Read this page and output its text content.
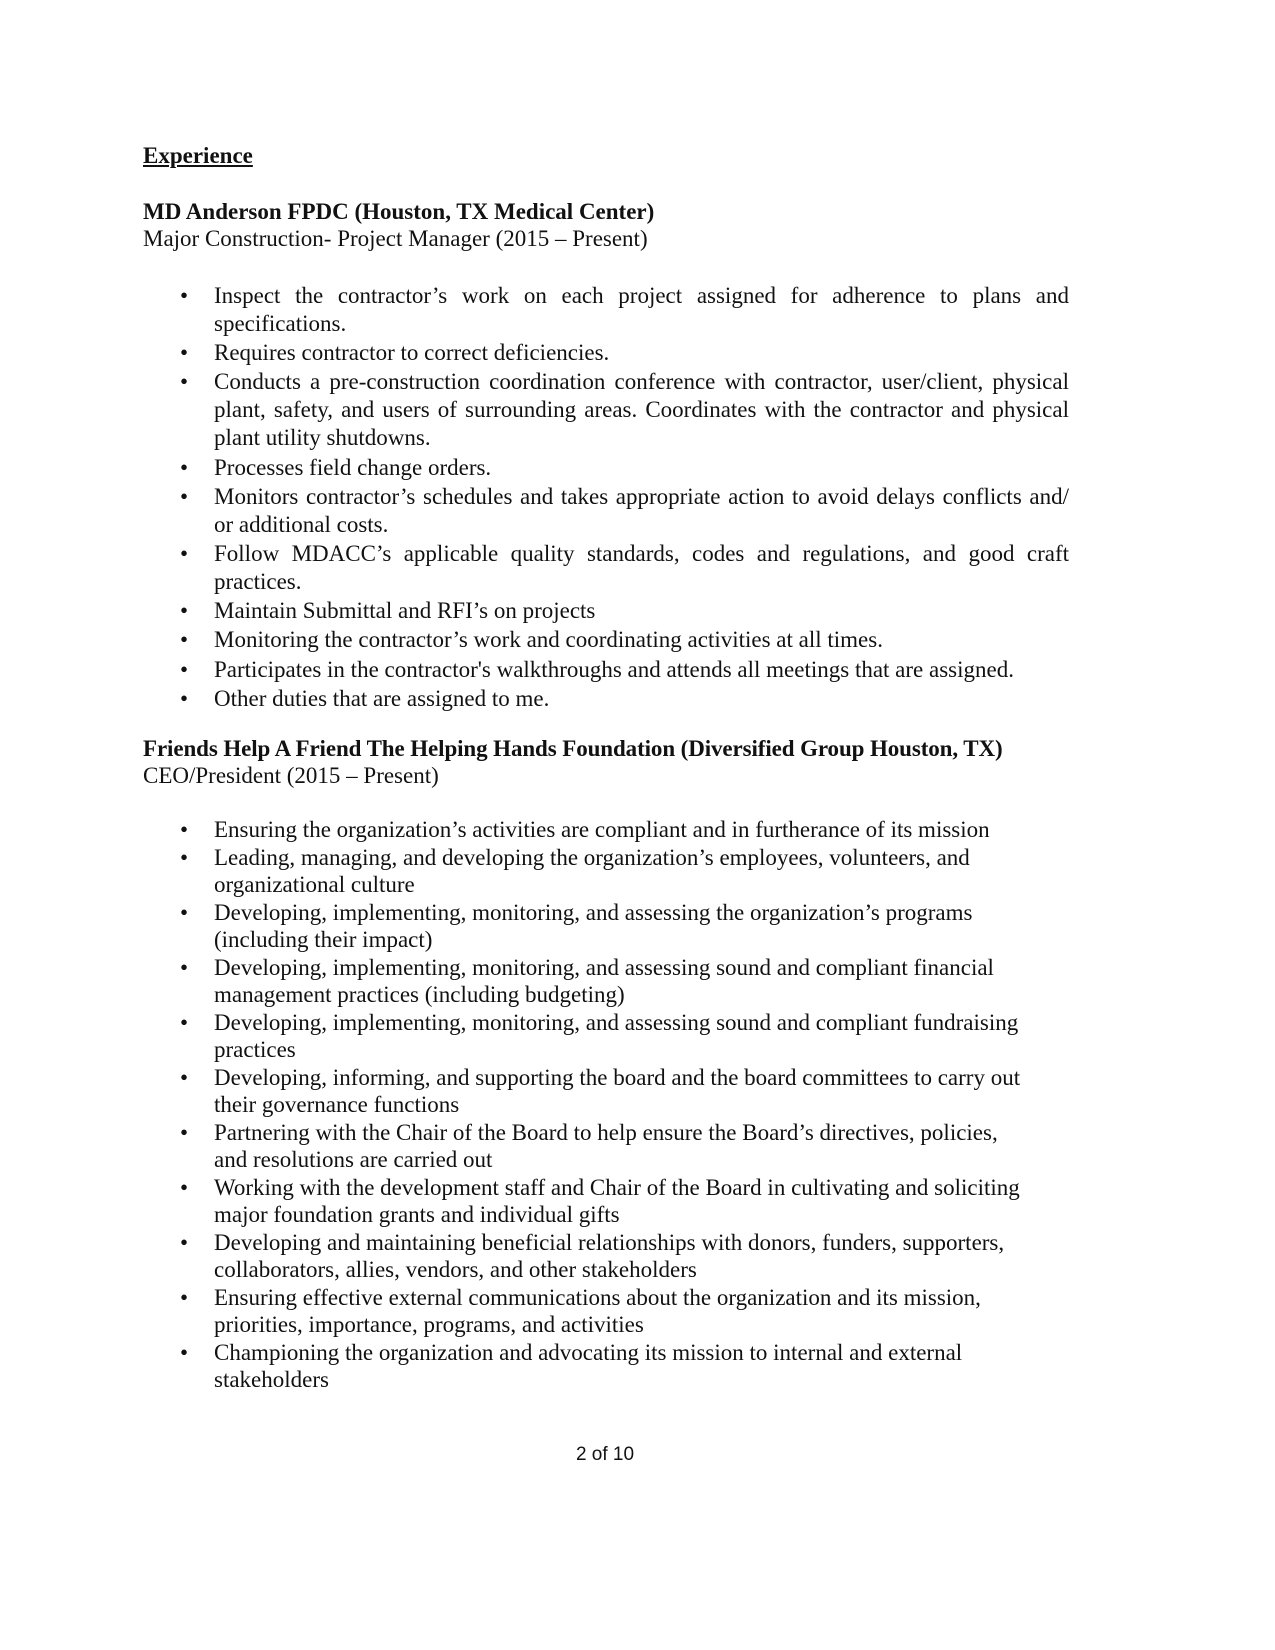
Experience
MD Anderson FPDC (Houston, TX Medical Center)
Major Construction- Project Manager (2015 – Present)
• Inspect the contractor’s work on each project assigned for adherence to plans and specifications.
• Requires contractor to correct deficiencies.
• Conducts a pre-construction coordination conference with contractor, user/client, physical plant, safety, and users of surrounding areas. Coordinates with the contractor and physical plant utility shutdowns.
• Processes field change orders.
• Monitors contractor’s schedules and takes appropriate action to avoid delays conflicts and/ or additional costs.
• Follow MDACC’s applicable quality standards, codes and regulations, and good craft practices.
• Maintain Submittal and RFI’s on projects
• Monitoring the contractor’s work and coordinating activities at all times.
• Participates in the contractor's walkthroughs and attends all meetings that are assigned.
• Other duties that are assigned to me.
Friends Help A Friend The Helping Hands Foundation (Diversified Group Houston, TX)
CEO/President (2015 – Present)
• Ensuring the organization’s activities are compliant and in furtherance of its mission
• Leading, managing, and developing the organization’s employees, volunteers, and organizational culture
• Developing, implementing, monitoring, and assessing the organization’s programs (including their impact)
• Developing, implementing, monitoring, and assessing sound and compliant financial management practices (including budgeting)
• Developing, implementing, monitoring, and assessing sound and compliant fundraising practices
• Developing, informing, and supporting the board and the board committees to carry out their governance functions
• Partnering with the Chair of the Board to help ensure the Board’s directives, policies, and resolutions are carried out
• Working with the development staff and Chair of the Board in cultivating and soliciting major foundation grants and individual gifts
• Developing and maintaining beneficial relationships with donors, funders, supporters, collaborators, allies, vendors, and other stakeholders
• Ensuring effective external communications about the organization and its mission, priorities, importance, programs, and activities
• Championing the organization and advocating its mission to internal and external stakeholders
2 of 10
